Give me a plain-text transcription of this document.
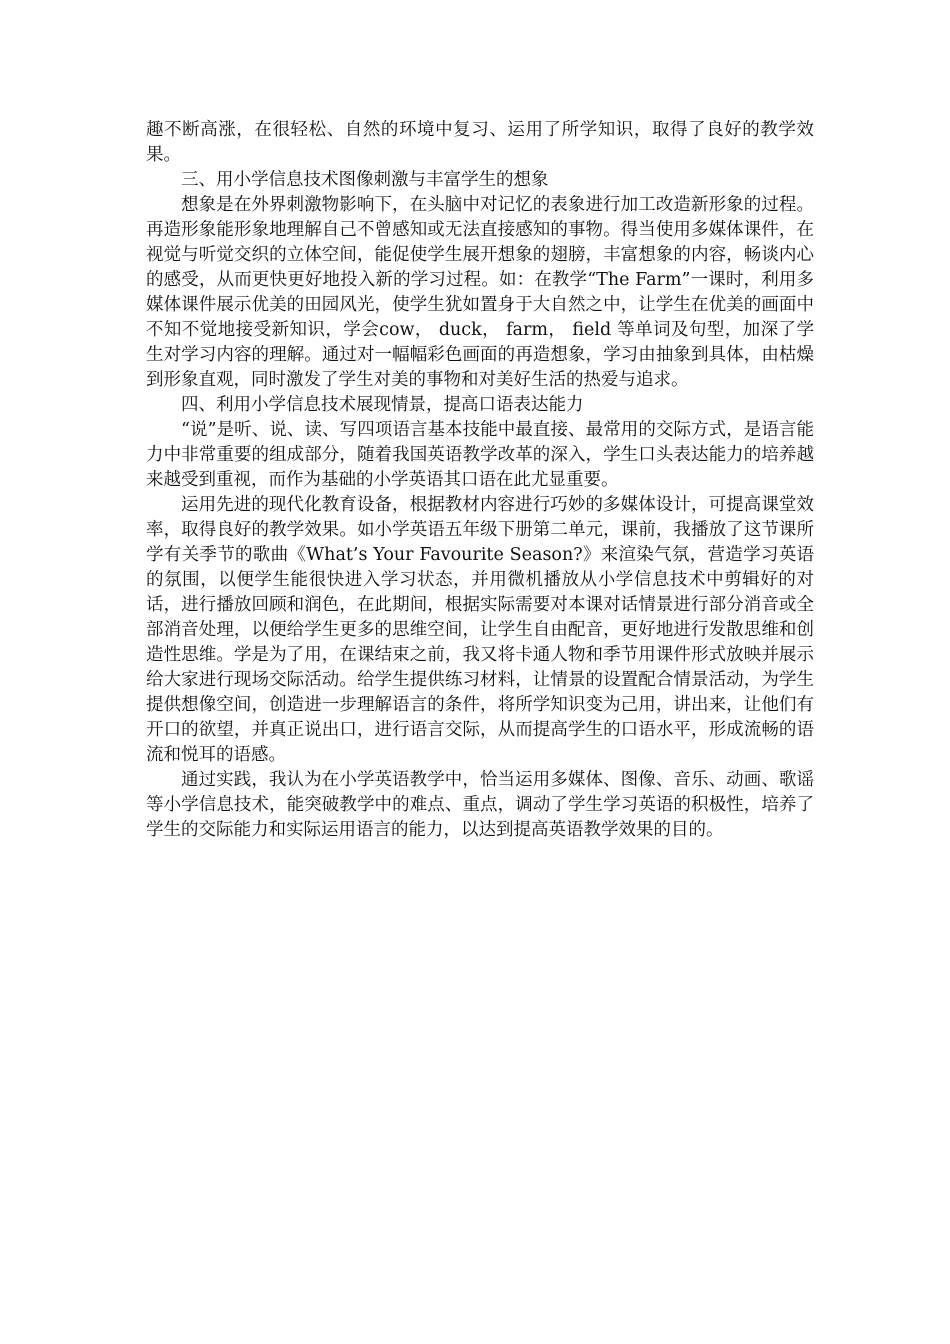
趣不断高涨，在很轻松、自然的环境中复习、运用了所学知识，取得了良好的教学效果。

三、用小学信息技术图像刺激与丰富学生的想象

想象是在外界刺激物影响下，在头脑中对记忆的表象进行加工改造新形象的过程。再造形象能形象地理解自己不曾感知或无法直接感知的事物。得当使用多媒体课件，在视觉与听觉交织的立体空间，能促使学生展开想象的翅膀，丰富想象的内容，畅谈内心的感受，从而更快更好地投入新的学习过程。如：在教学“The Farm”一课时，利用多媒体课件展示优美的田园风光，使学生犹如置身于大自然之中，让学生在优美的画面中不知不觉地接受新知识，学会cow， duck， farm， field 等单词及句型，加深了学生对学习内容的理解。通过对一幅幅彩色画面的再造想象，学习由抽象到具体，由枯燥到形象直观，同时激发了学生对美的事物和对美好生活的热爱与追求。

四、利用小学信息技术展现情景，提高口语表达能力

“说”是听、说、读、写四项语言基本技能中最直接、最常用的交际方式，是语言能力中非常重要的组成部分，随着我国英语教学改革的深入，学生口头表达能力的培养越来越受到重视，而作为基础的小学英语其口语在此尤显重要。

运用先进的现代化教育设备，根据教材内容进行巧妙的多媒体设计，可提高课堂效率，取得良好的教学效果。如小学英语五年级下册第二单元，课前，我播放了这节课所学有关季节的歌曲《What’s Your Favourite Season?》来渲染气氛，营造学习英语的氛围，以便学生能很快进入学习状态，并用微机播放从小学信息技术中剪辑好的对话，进行播放回顾和润色，在此期间，根据实际需要对本课对话情景进行部分消音或全部消音处理，以便给学生更多的思维空间，让学生自由配音，更好地进行发散思维和创造性思维。学是为了用，在课结束之前，我又将卡通人物和季节用课件形式放映并展示给大家进行现场交际活动。给学生提供练习材料，让情景的设置配合情景活动，为学生提供想像空间，创造进一步理解语言的条件，将所学知识变为己用，讲出来，让他们有开口的欲望，并真正说出口，进行语言交际，从而提高学生的口语水平，形成流畅的语流和悦耳的语感。

通过实践，我认为在小学英语教学中，恰当运用多媒体、图像、音乐、动画、歌谣等小学信息技术，能突破教学中的难点、重点，调动了学生学习英语的积极性，培养了学生的交际能力和实际运用语言的能力，以达到提高英语教学效果的目的。
